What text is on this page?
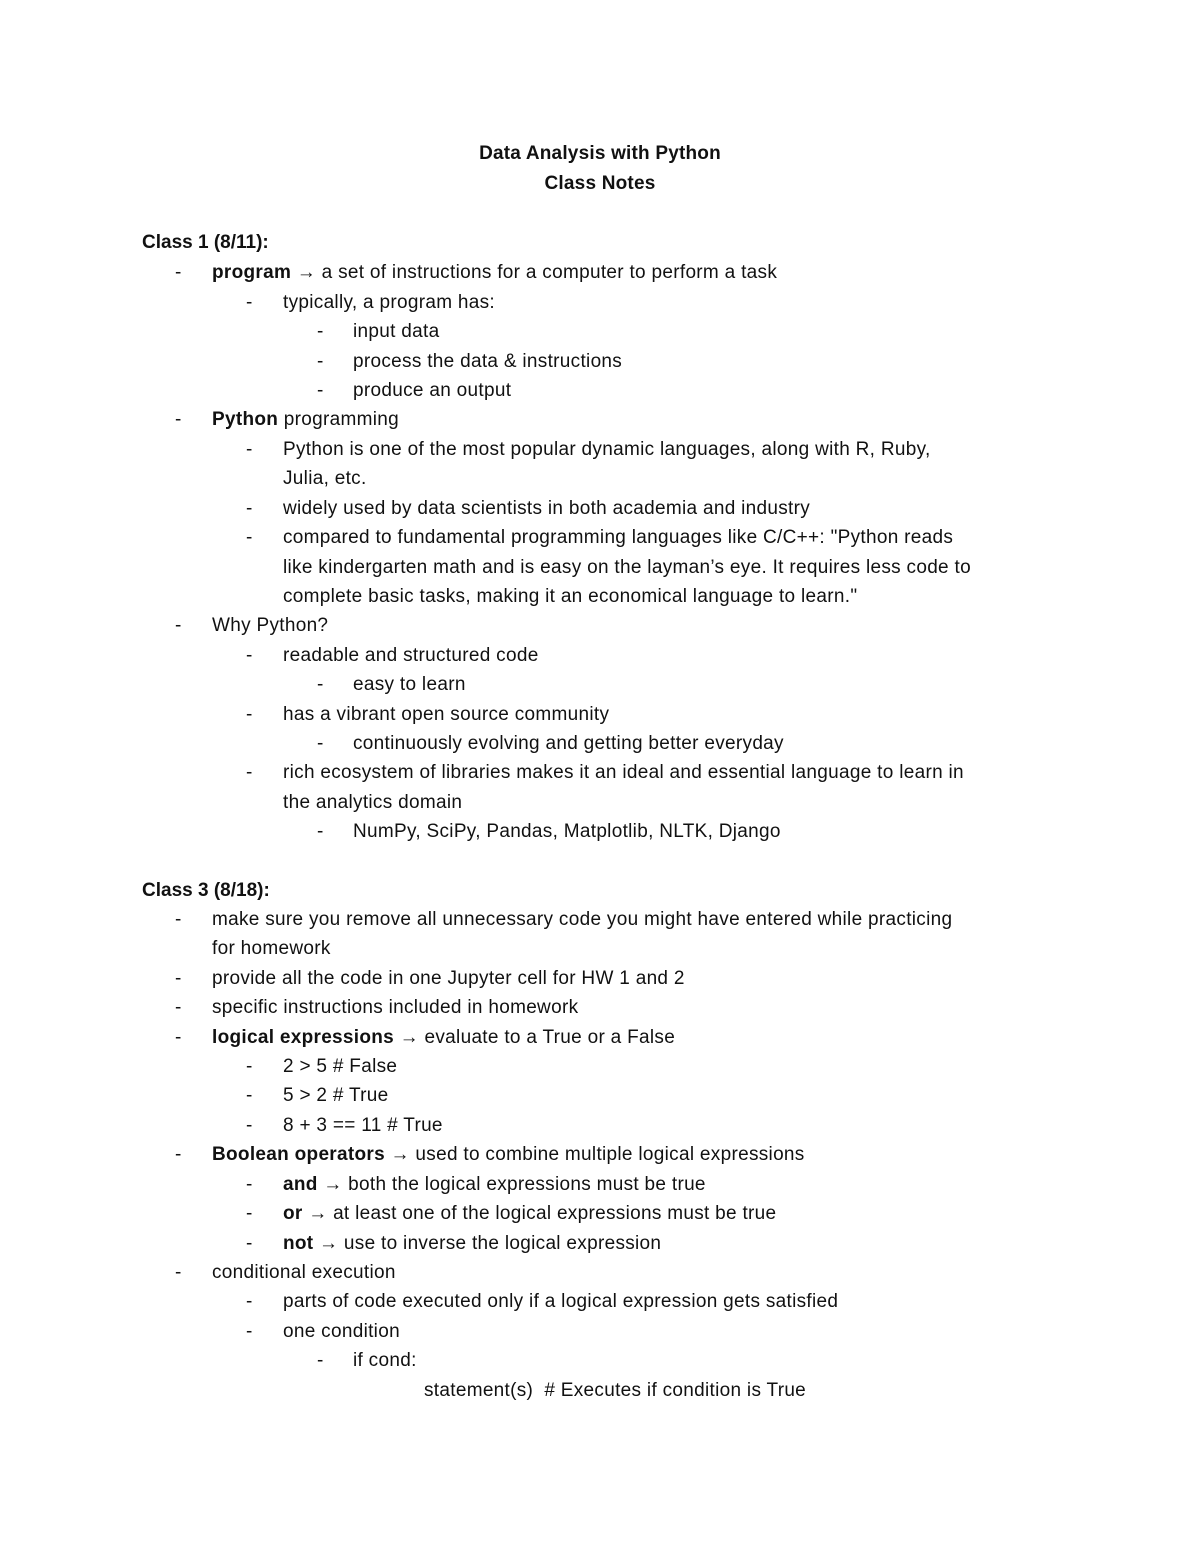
Data Analysis with Python
Class Notes
Class 1 (8/11):
-	program → a set of instructions for a computer to perform a task
-	typically, a program has:
-	input data
-	process the data & instructions
-	produce an output
-	Python programming
-	Python is one of the most popular dynamic languages, along with R, Ruby,
Julia, etc.
-	widely used by data scientists in both academia and industry
-	compared to fundamental programming languages like C/C++: "Python reads
like kindergarten math and is easy on the layman’s eye. It requires less code to
complete basic tasks, making it an economical language to learn."
-	Why Python?
-	readable and structured code
-	easy to learn
-	has a vibrant open source community
-	continuously evolving and getting better everyday
-	rich ecosystem of libraries makes it an ideal and essential language to learn in
the analytics domain
-	NumPy, SciPy, Pandas, Matplotlib, NLTK, Django
Class 3 (8/18):
-	make sure you remove all unnecessary code you might have entered while practicing
for homework
-	provide all the code in one Jupyter cell for HW 1 and 2
-	specific instructions included in homework
-	logical expressions → evaluate to a True or a False
-	2 > 5 # False
-	5 > 2 # True
-	8 + 3 == 11 # True
-	Boolean operators → used to combine multiple logical expressions
-	and → both the logical expressions must be true
-	or → at least one of the logical expressions must be true
-	not → use to inverse the logical expression
-	conditional execution
-	parts of code executed only if a logical expression gets satisfied
-	one condition
-	if cond:
statement(s)  # Executes if condition is True
